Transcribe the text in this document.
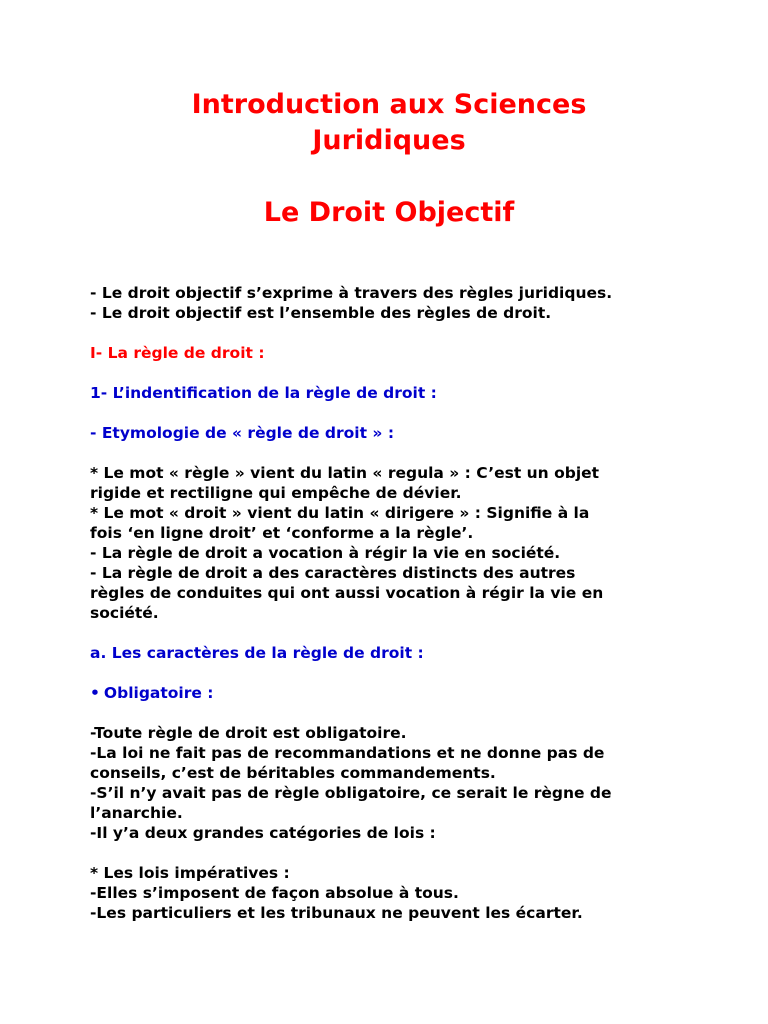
Introduction aux Sciences
Juridiques
Le Droit Objectif
- Le droit objectif s’exprime à travers des règles juridiques.
- Le droit objectif est l’ensemble des règles de droit.
I- La règle de droit :
1- L’indentification de la règle de droit :
- Etymologie de « règle de droit » :
* Le mot « règle » vient du latin « regula » : C’est un objet
rigide et rectiligne qui empêche de dévier.
* Le mot « droit » vient du latin « dirigere » : Signifie à la
fois ‘en ligne droit’ et ‘conforme a la règle’.
- La règle de droit a vocation à régir la vie en société.
- La règle de droit a des caractères distincts des autres
règles de conduites qui ont aussi vocation à régir la vie en
société.
a. Les caractères de la règle de droit :
• Obligatoire :
-Toute règle de droit est obligatoire.
-La loi ne fait pas de recommandations et ne donne pas de
conseils, c’est de béritables commandements.
-S’il n’y avait pas de règle obligatoire, ce serait le règne de
l’anarchie.
-Il y’a deux grandes catégories de lois :
* Les lois impératives :
-Elles s’imposent de façon absolue à tous.
-Les particuliers et les tribunaux ne peuvent les écarter.
